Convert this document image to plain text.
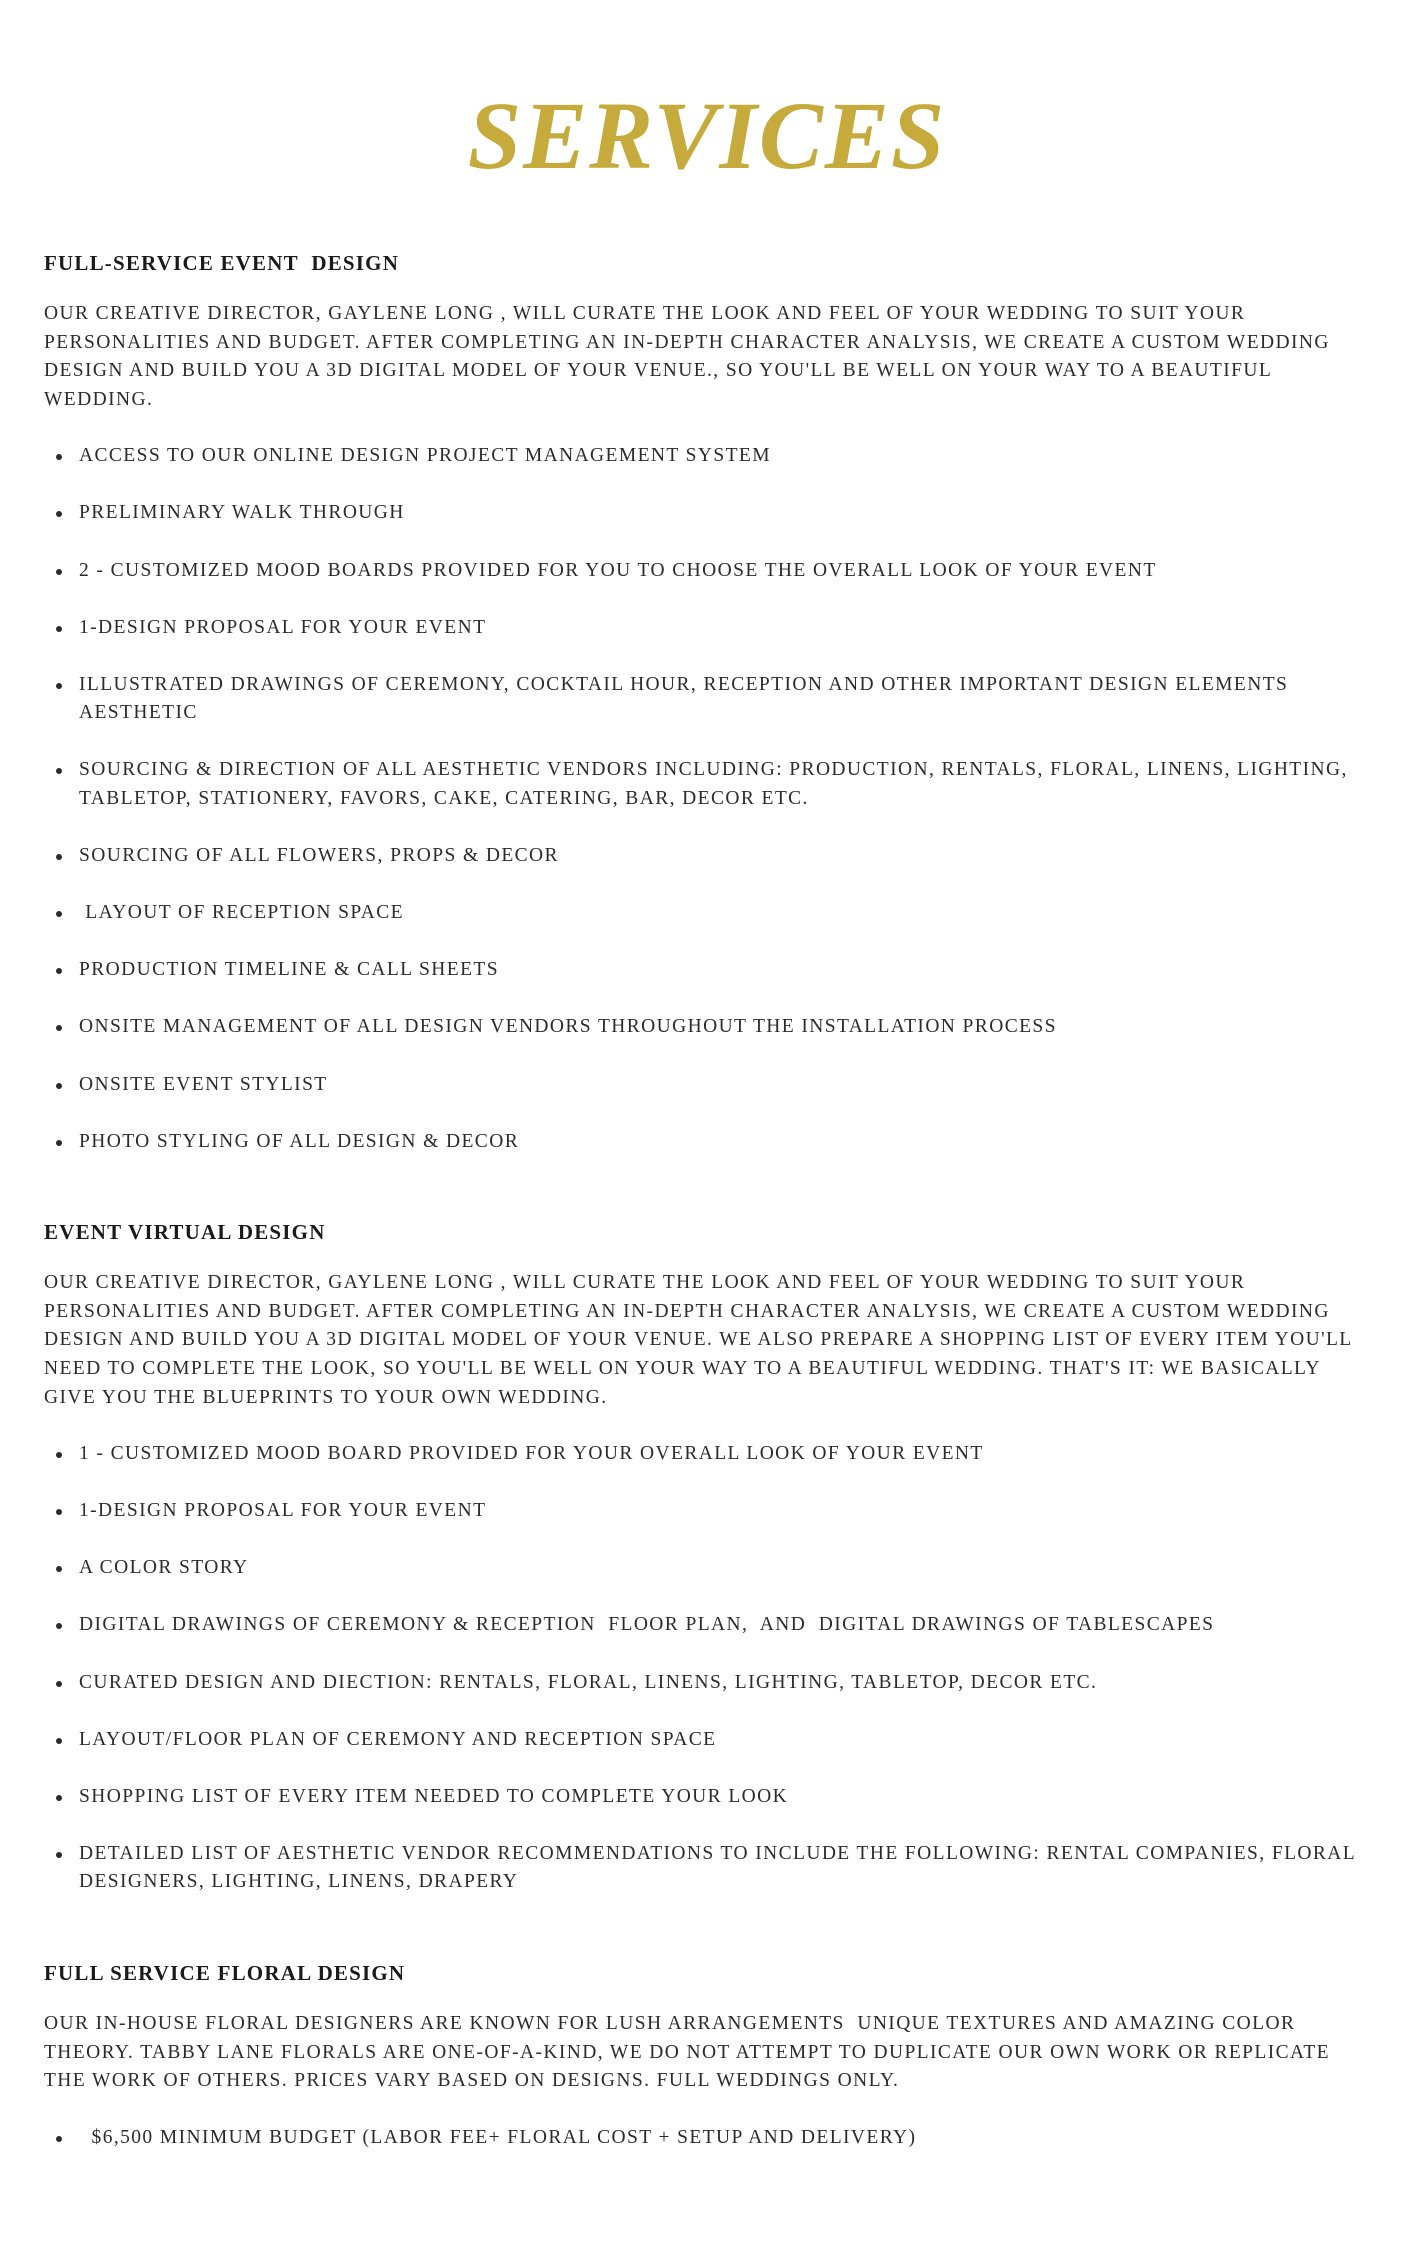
SERVICES
FULL-SERVICE EVENT  DESIGN

OUR CREATIVE DIRECTOR, GAYLENE LONG , WILL CURATE THE LOOK AND FEEL OF YOUR WEDDING TO SUIT YOUR PERSONALITIES AND BUDGET. AFTER COMPLETING AN IN-DEPTH CHARACTER ANALYSIS, WE CREATE A CUSTOM WEDDING DESIGN AND BUILD YOU A 3D DIGITAL MODEL OF YOUR VENUE., SO YOU'LL BE WELL ON YOUR WAY TO A BEAUTIFUL WEDDING.

ACCESS TO OUR ONLINE DESIGN PROJECT MANAGEMENT SYSTEM
PRELIMINARY WALK THROUGH
2 - CUSTOMIZED MOOD BOARDS PROVIDED FOR YOU TO CHOOSE THE OVERALL LOOK OF YOUR EVENT
1-DESIGN PROPOSAL FOR YOUR EVENT
ILLUSTRATED DRAWINGS OF CEREMONY, COCKTAIL HOUR, RECEPTION AND OTHER IMPORTANT DESIGN ELEMENTS AESTHETIC
SOURCING & DIRECTION OF ALL AESTHETIC VENDORS INCLUDING: PRODUCTION, RENTALS, FLORAL, LINENS, LIGHTING, TABLETOP, STATIONERY, FAVORS, CAKE, CATERING, BAR, DECOR ETC.
SOURCING OF ALL FLOWERS, PROPS & DECOR
LAYOUT OF RECEPTION SPACE
PRODUCTION TIMELINE & CALL SHEETS
ONSITE MANAGEMENT OF ALL DESIGN VENDORS THROUGHOUT THE INSTALLATION PROCESS
ONSITE EVENT STYLIST
PHOTO STYLING OF ALL DESIGN & DECOR
EVENT VIRTUAL DESIGN

OUR CREATIVE DIRECTOR, GAYLENE LONG , WILL CURATE THE LOOK AND FEEL OF YOUR WEDDING TO SUIT YOUR PERSONALITIES AND BUDGET. AFTER COMPLETING AN IN-DEPTH CHARACTER ANALYSIS, WE CREATE A CUSTOM WEDDING DESIGN AND BUILD YOU A 3D DIGITAL MODEL OF YOUR VENUE. WE ALSO PREPARE A SHOPPING LIST OF EVERY ITEM YOU'LL NEED TO COMPLETE THE LOOK, SO YOU'LL BE WELL ON YOUR WAY TO A BEAUTIFUL WEDDING. THAT'S IT: WE BASICALLY GIVE YOU THE BLUEPRINTS TO YOUR OWN WEDDING.

1 - CUSTOMIZED MOOD BOARD PROVIDED FOR YOUR OVERALL LOOK OF YOUR EVENT
1-DESIGN PROPOSAL FOR YOUR EVENT
A COLOR STORY
DIGITAL DRAWINGS OF CEREMONY & RECEPTION  FLOOR PLAN,  AND  DIGITAL DRAWINGS OF TABLESCAPES
CURATED DESIGN AND DIECTION: RENTALS, FLORAL, LINENS, LIGHTING, TABLETOP, DECOR ETC.
LAYOUT/FLOOR PLAN OF CEREMONY AND RECEPTION SPACE
SHOPPING LIST OF EVERY ITEM NEEDED TO COMPLETE YOUR LOOK
DETAILED LIST OF AESTHETIC VENDOR RECOMMENDATIONS TO INCLUDE THE FOLLOWING: RENTAL COMPANIES, FLORAL DESIGNERS, LIGHTING, LINENS, DRAPERY
FULL SERVICE FLORAL DESIGN

OUR IN-HOUSE FLORAL DESIGNERS ARE KNOWN FOR LUSH ARRANGEMENTS  UNIQUE TEXTURES AND AMAZING COLOR THEORY. TABBY LANE FLORALS ARE ONE-OF-A-KIND, WE DO NOT ATTEMPT TO DUPLICATE OUR OWN WORK OR REPLICATE THE WORK OF OTHERS. PRICES VARY BASED ON DESIGNS. FULL WEDDINGS ONLY.

$6,500 MINIMUM BUDGET (LABOR FEE+ FLORAL COST + SETUP AND DELIVERY)
